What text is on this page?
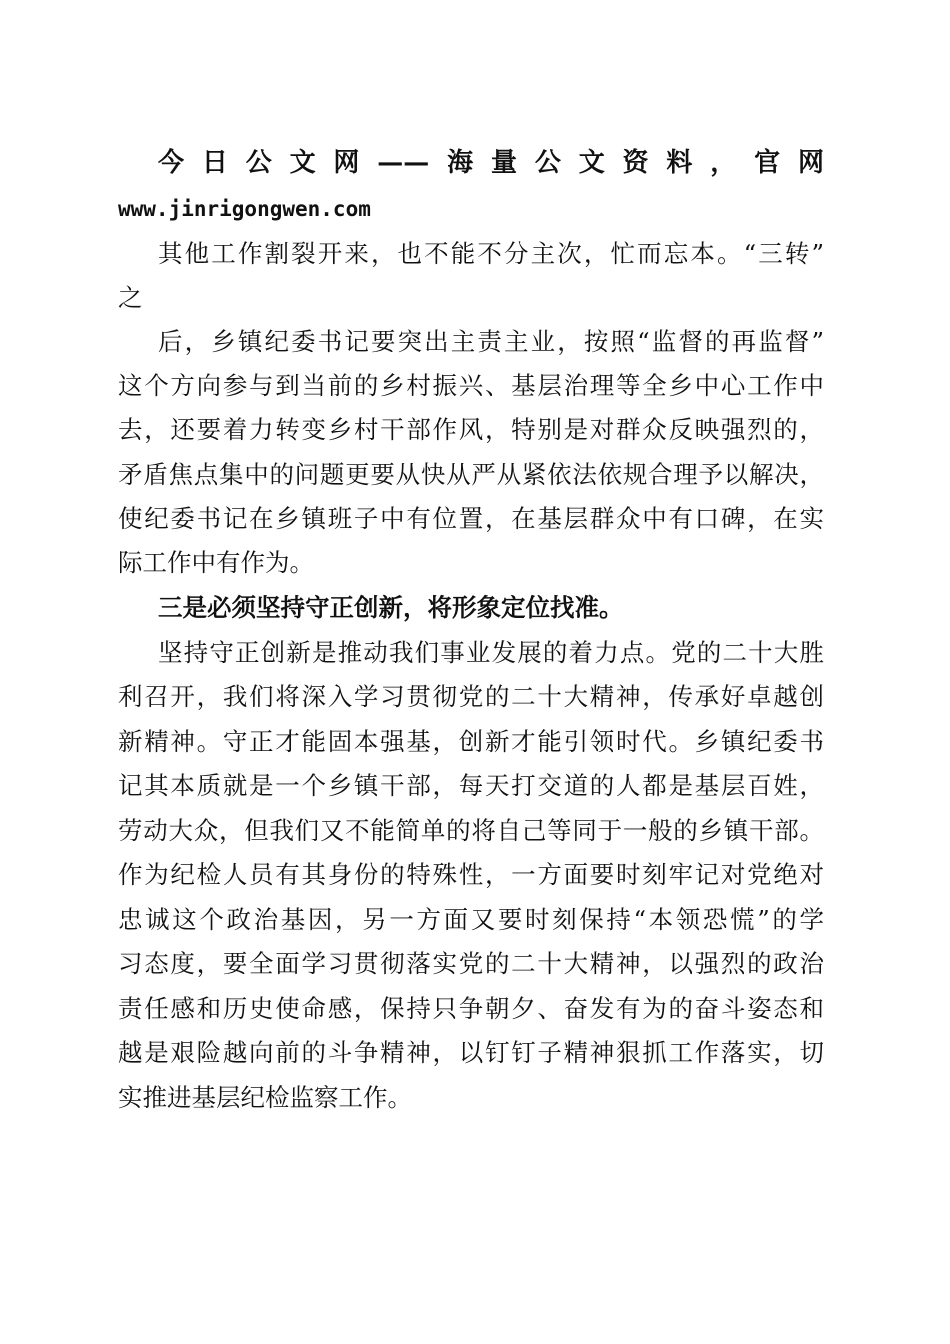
今日公文网——海量公文资料，官网
www.jinrigongwen.com
其他工作割裂开来，也不能不分主次，忙而忘本。“三转”
之
后，乡镇纪委书记要突出主责主业，按照“监督的再监督”
这个方向参与到当前的乡村振兴、基层治理等全乡中心工作中
去，还要着力转变乡村干部作风，特别是对群众反映强烈的，
矛盾焦点集中的问题更要从快从严从紧依法依规合理予以解决，
使纪委书记在乡镇班子中有位置，在基层群众中有口碑，在实
际工作中有作为。
三是必须坚持守正创新，将形象定位找准。
坚持守正创新是推动我们事业发展的着力点。党的二十大胜
利召开，我们将深入学习贯彻党的二十大精神，传承好卓越创
新精神。守正才能固本强基，创新才能引领时代。乡镇纪委书
记其本质就是一个乡镇干部，每天打交道的人都是基层百姓，
劳动大众，但我们又不能简单的将自己等同于一般的乡镇干部。
作为纪检人员有其身份的特殊性，一方面要时刻牢记对党绝对
忠诚这个政治基因，另一方面又要时刻保持“本领恐慌”的学
习态度，要全面学习贯彻落实党的二十大精神，以强烈的政治
责任感和历史使命感，保持只争朝夕、奋发有为的奋斗姿态和
越是艰险越向前的斗争精神，以钉钉子精神狠抓工作落实，切
实推进基层纪检监察工作。
